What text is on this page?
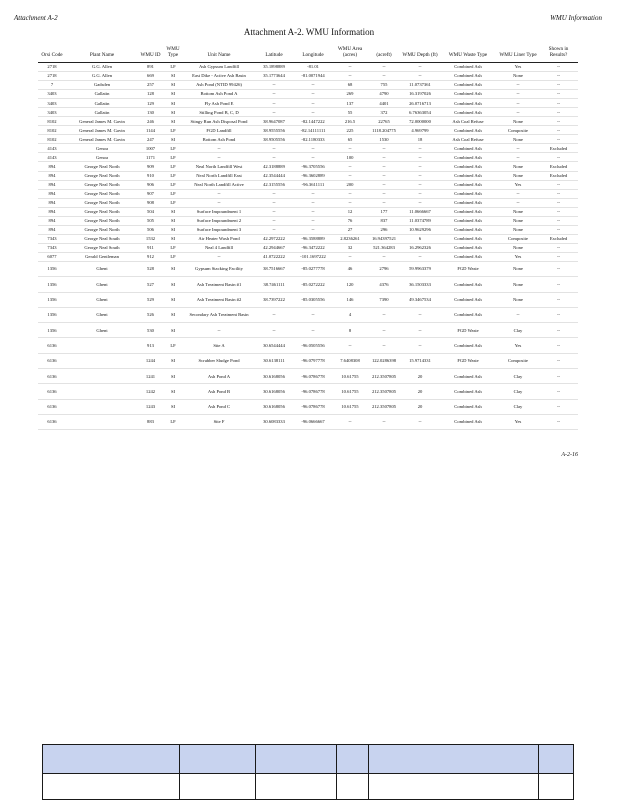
Attachment A-2	WMU Information
Attachment A-2. WMU Information
Orsi Code	Plant Name	WMU ID	WMU Type	Unit Name	Latitude	Longitude	WMU Area (acres)	(acreft)	WMU Depth (ft)	WMU Waste Type	WMU Liner Type	Shown in Results?
2718	G.G. Allen	891	LF	Ash Gypsum Landfill	35.1898889	-81.01	--	--	--	Combined Ash	Yes	--
2718	G.G. Allen	669	SI	East Dike - Active Ash Basin	35.1773644	-81.0071944	--	--	--	Combined Ash	None	--
7	Gadsden	257	SI	Ash Pond (NTID 99426)	--	--	68	755	11.0737361	Combined Ash	--	--
3403	Gallatin	128	SI	Bottom Ash Pond A	--	--	269	4790	16.3197026	Combined Ash	--	--
3403	Gallatin	129	SI	Fly Ash Pond E	--	--	137	4401	26.0716713	Combined Ash	--	--
3403	Gallatin	130	SI	Stilling Pond B, C, D	--	--	55	372	6.76363054	Combined Ash	--	--
8102	General James M. Gavin	246	SI	Stingy Run Ash Disposal Pond	38.9647087	-82.1447222	216.5	22765	72.0000000	Ash Coal Refuse	None	--
8102	General James M. Gavin	1144	LF	FGD Landfill	38.9555556	-82.14111111	225	1118.204775	4.969799	Combined Ash	Composite	--
8102	General James M. Gavin	247	SI	Bottom Ash Pond	38.9505556	-82.1180333	65	1530	18	Ash Coal Refuse	None	--
4143	Genoa	1007	LF	--	--	--	--	--	--	Combined Ash	--	Excluded
4143	Genoa	1171	LF	--	--	--	100	--	--	Combined Ash	--	--
894	George Neal North	909	LF	Neal North Landfill West	42.3188889	-96.3705556	--	--	--	Combined Ash	None	Excluded
894	George Neal North	910	LF	Neal North Landfill East	42.3544444	-96.3602889	--	--	--	Combined Ash	None	Excluded
894	George Neal North	906	LF	Neal North Landfill Active	42.3155556	-96.3611111	200	--	--	Combined Ash	Yes	--
894	George Neal North	907	LF	--	--	--	--	--	--	Combined Ash	--	--
894	George Neal North	908	LF	--	--	--	--	--	--	Combined Ash	--	--
894	George Neal North	504	SI	Surface Impoundment 1	--	--	12	177	11.0666667	Combined Ash	None	--
894	George Neal North	505	SI	Surface Impoundment 2	--	--	76	837	11.0374789	Combined Ash	None	--
894	George Neal North	506	SI	Surface Impoundment 3	--	--	27	296	10.9629296	Combined Ash	None	--
7343	George Neal South	1532	SI	Air Heater Wash Pond	42.2972222	-96.3588889	2.8236261	16.94397521	6	Combined Ash	Composite	Excluded
7343	George Neal South	911	LF	Neal 4 Landfill	42.2944667	-96.3472222	32	521.364283	16.2962326	Combined Ash	None	--
6077	Gerald Gentleman	912	LF	--	41.0722222	-101.1697222	--	--	--	Combined Ash	Yes	--
1356	Ghent	528	SI	Gypsum Stacking Facility	38.7516667	-85.0277778	46	2796	59.9963379	FGD Waste	None	--
1356	Ghent	527	SI	Ash Treatment Basin #1	38.7461111	-85.0272222	120	4376	36.1503333	Combined Ash	None	--
1356	Ghent	529	SI	Ash Treatment Basin #2	38.7397222	-85.0305556	146	7390	49.3467534	Combined Ash	None	--
1356	Ghent	526	SI	Secondary Ash Treatment Basin	--	--	4	--	--	Combined Ash	--	--
1356	Ghent	530	SI	--	--	--	8	--	--	FGD Waste	Clay	--
6136		913	LF	Site A	30.6544444	-96.0505556	--	--	--	Combined Ash	Yes	--
6136		1244	SI	Scrubber Sludge Pond	30.6138111	-96.0797778	7.6408308	122.0286398	15.9714331	FGD Waste	Composite	--
6136		1241	SI	Ash Pond A	30.6168056	-96.0786778	10.61755	212.3507805	20	Combined Ash	Clay	--
6136		1242	SI	Ash Pond B	30.6168056	-96.0786778	10.61755	212.3507805	20	Combined Ash	Clay	--
6136		1243	SI	Ash Pond C	30.6168056	-96.0786778	10.61755	212.3507805	20	Combined Ash	Clay	--
6136		883	LF	Site F	30.6083333	-96.0666667	--	--	--	Combined Ash	Yes	--
A-2-16
